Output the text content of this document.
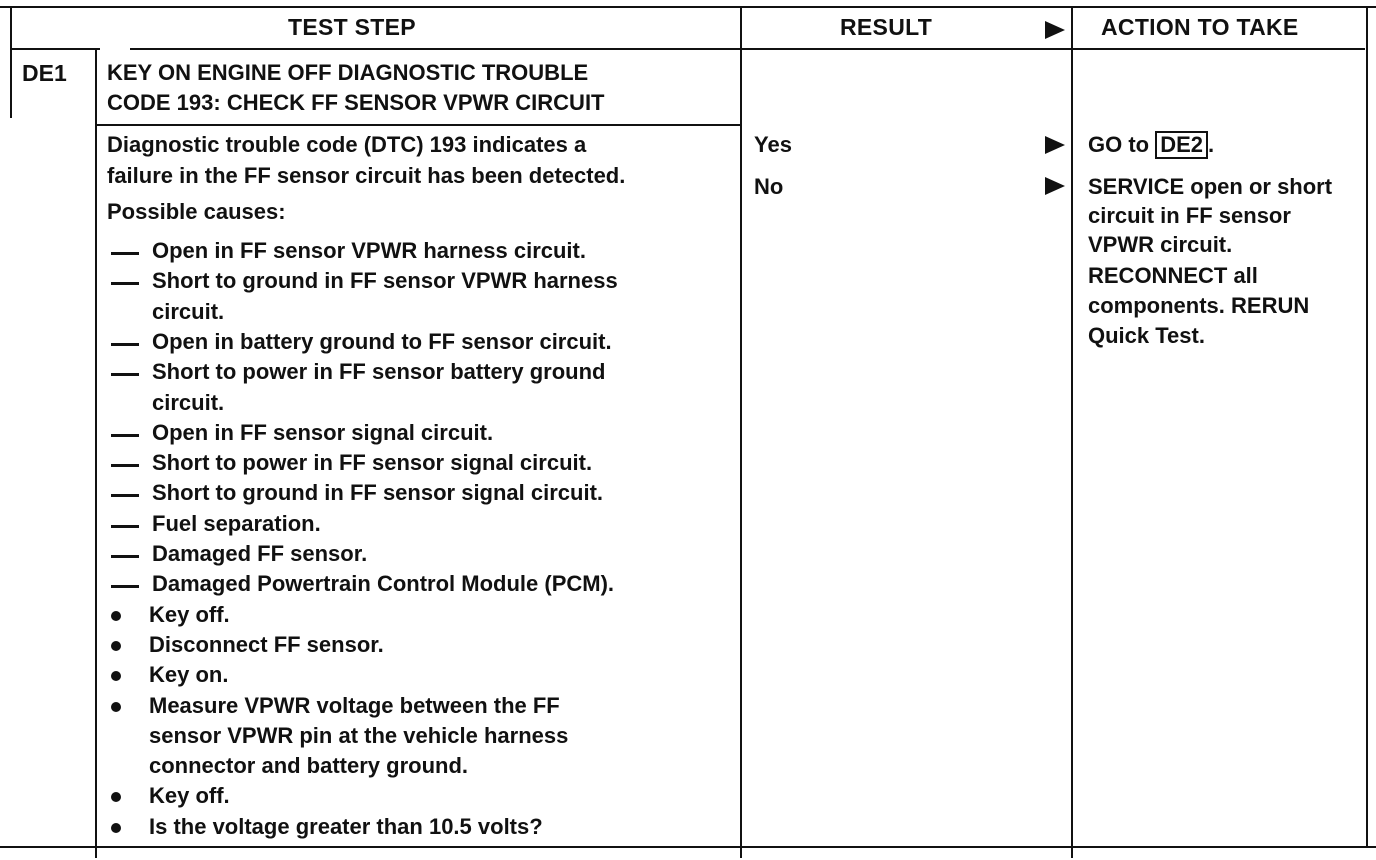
TEST STEP	RESULT	ACTION TO TAKE
DE1 KEY ON ENGINE OFF DIAGNOSTIC TROUBLE
CODE 193: CHECK FF SENSOR VPWR CIRCUIT
Diagnostic trouble code (DTC) 193 indicates a
failure in the FF sensor circuit has been detected.
Possible causes:
Open in FF sensor VPWR harness circuit.
Short to ground in FF sensor VPWR harness
circuit.
Open in battery ground to FF sensor circuit.
Short to power in FF sensor battery ground
circuit.
Open in FF sensor signal circuit.
Short to power in FF sensor signal circuit.
Short to ground in FF sensor signal circuit.
Fuel separation.
Damaged FF sensor.
Damaged Powertrain Control Module (PCM).
Key off.
Disconnect FF sensor.
Key on.
Measure VPWR voltage between the FF
sensor VPWR pin at the vehicle harness
connector and battery ground.
Key off.
Is the voltage greater than 10.5 volts?
Yes
No
GO to DE2 .
SERVICE open or short
circuit in FF sensor
VPWR circuit.
RECONNECT all
components. RERUN
Quick Test.
